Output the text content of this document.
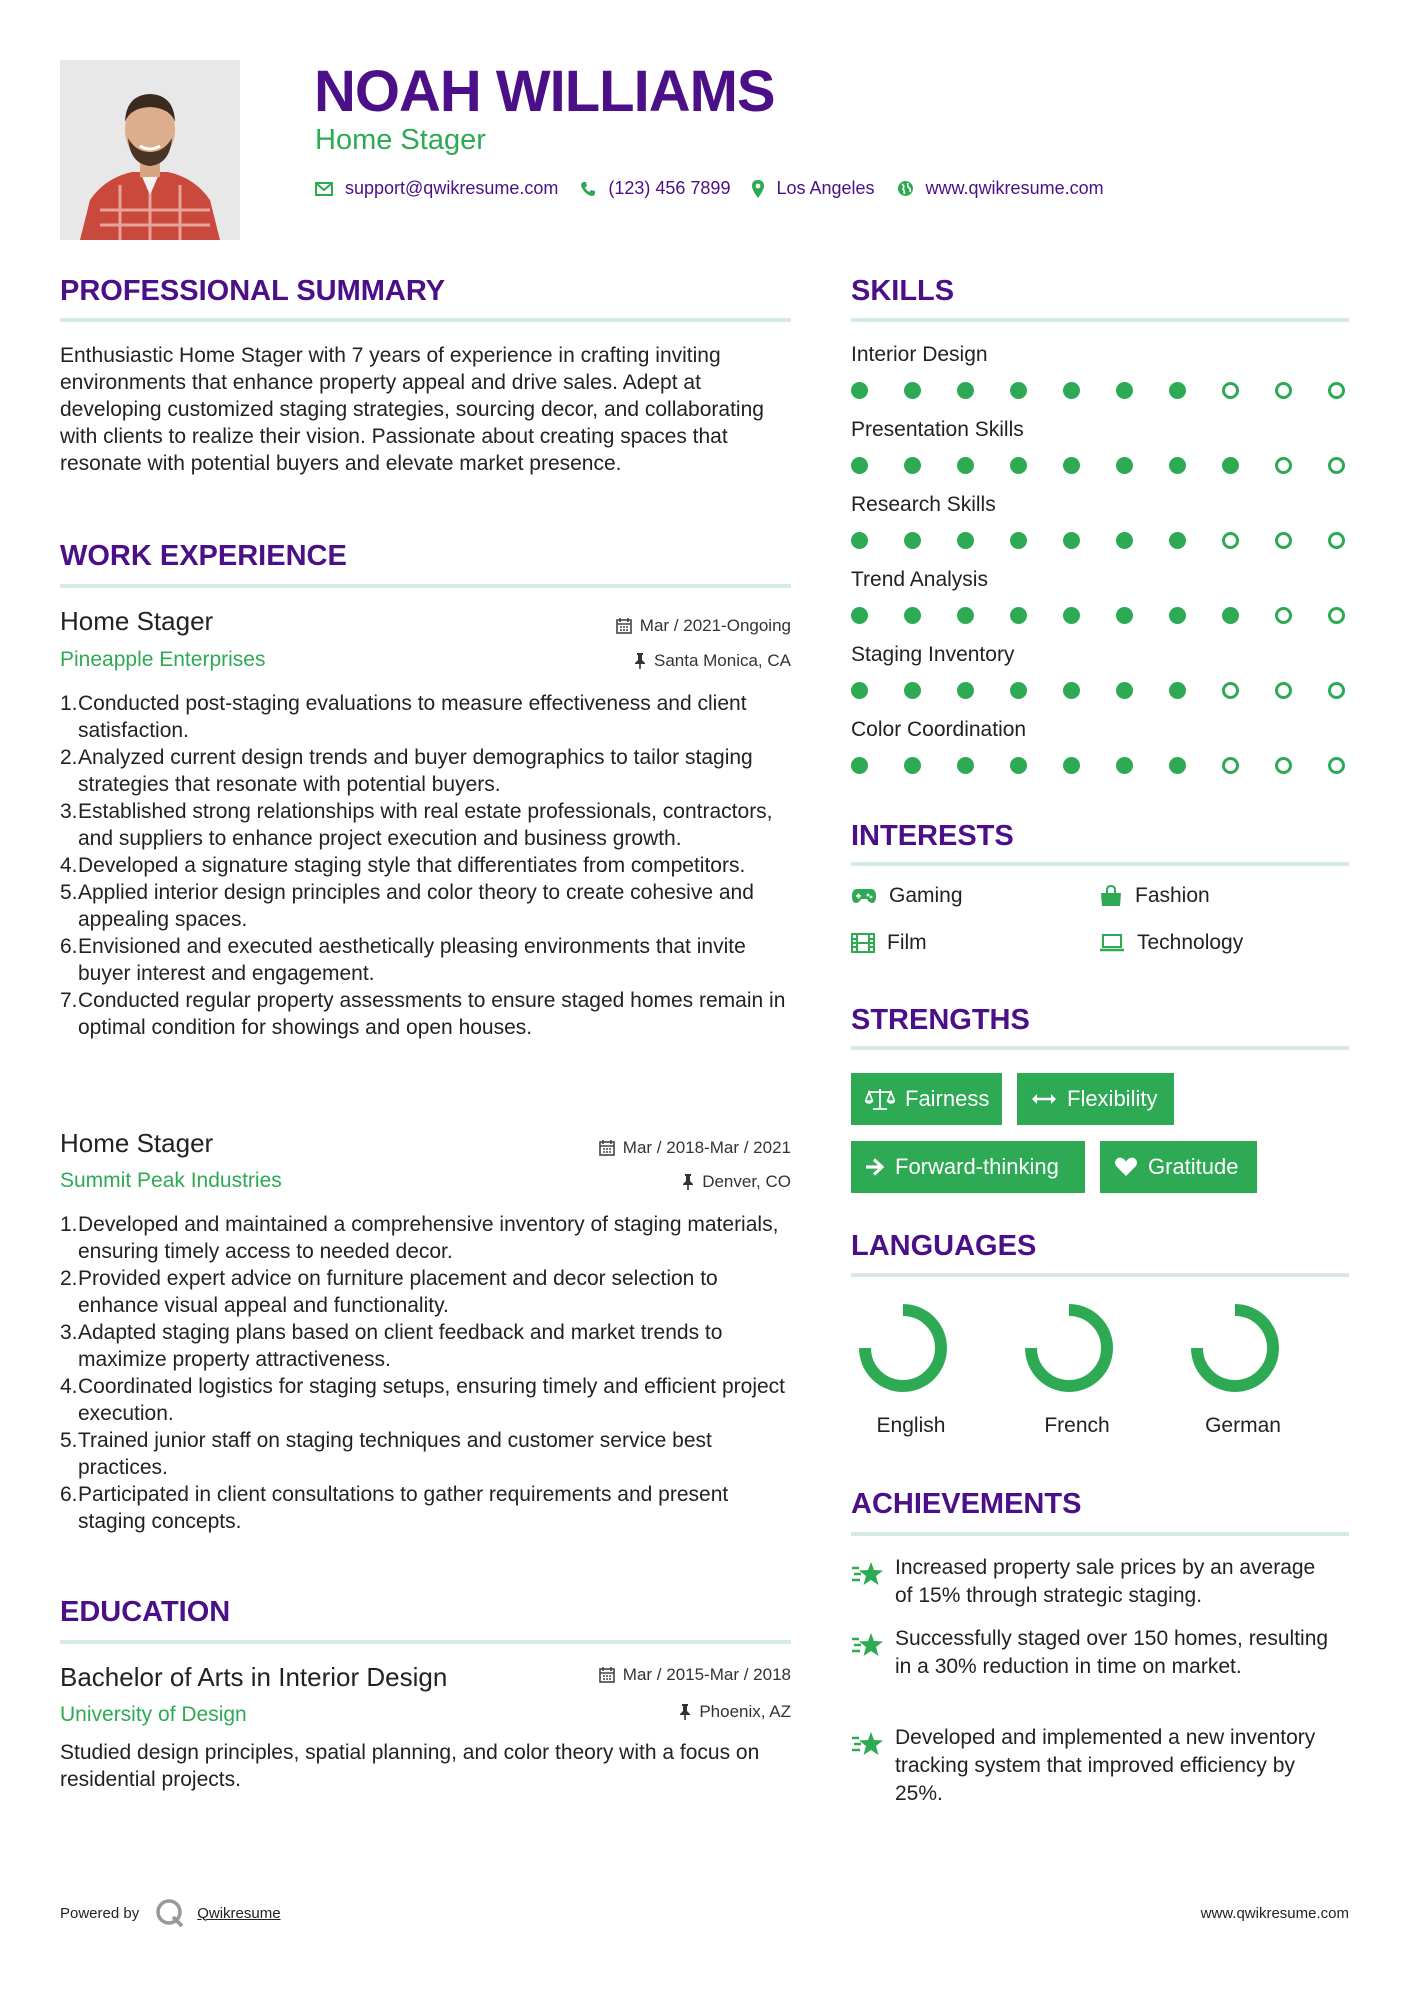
NOAH WILLIAMS
Home Stager
support@qwikresume.com	(123) 456 7899	Los Angeles	www.qwikresume.com
PROFESSIONAL SUMMARY
Enthusiastic Home Stager with 7 years of experience in crafting inviting environments that enhance property appeal and drive sales. Adept at developing customized staging strategies, sourcing decor, and collaborating with clients to realize their vision. Passionate about creating spaces that resonate with potential buyers and elevate market presence.
WORK EXPERIENCE
Home Stager	Mar / 2021-Ongoing
Pineapple Enterprises	Santa Monica, CA
1. Conducted post-staging evaluations to measure effectiveness and client satisfaction.
2. Analyzed current design trends and buyer demographics to tailor staging strategies that resonate with potential buyers.
3. Established strong relationships with real estate professionals, contractors, and suppliers to enhance project execution and business growth.
4. Developed a signature staging style that differentiates from competitors.
5. Applied interior design principles and color theory to create cohesive and appealing spaces.
6. Envisioned and executed aesthetically pleasing environments that invite buyer interest and engagement.
7. Conducted regular property assessments to ensure staged homes remain in optimal condition for showings and open houses.
Home Stager	Mar / 2018-Mar / 2021
Summit Peak Industries	Denver, CO
1. Developed and maintained a comprehensive inventory of staging materials, ensuring timely access to needed decor.
2. Provided expert advice on furniture placement and decor selection to enhance visual appeal and functionality.
3. Adapted staging plans based on client feedback and market trends to maximize property attractiveness.
4. Coordinated logistics for staging setups, ensuring timely and efficient project execution.
5. Trained junior staff on staging techniques and customer service best practices.
6. Participated in client consultations to gather requirements and present staging concepts.
EDUCATION
Bachelor of Arts in Interior Design	Mar / 2015-Mar / 2018
University of Design	Phoenix, AZ
Studied design principles, spatial planning, and color theory with a focus on residential projects.
SKILLS
Interior Design
Presentation Skills
Research Skills
Trend Analysis
Staging Inventory
Color Coordination
INTERESTS
Gaming	Fashion
Film	Technology
STRENGTHS
Fairness	Flexibility
Forward-thinking	Gratitude
LANGUAGES
English	French	German
ACHIEVEMENTS
Increased property sale prices by an average of 15% through strategic staging.
Successfully staged over 150 homes, resulting in a 30% reduction in time on market.
Developed and implemented a new inventory tracking system that improved efficiency by 25%.
Powered by	Qwikresume	www.qwikresume.com
